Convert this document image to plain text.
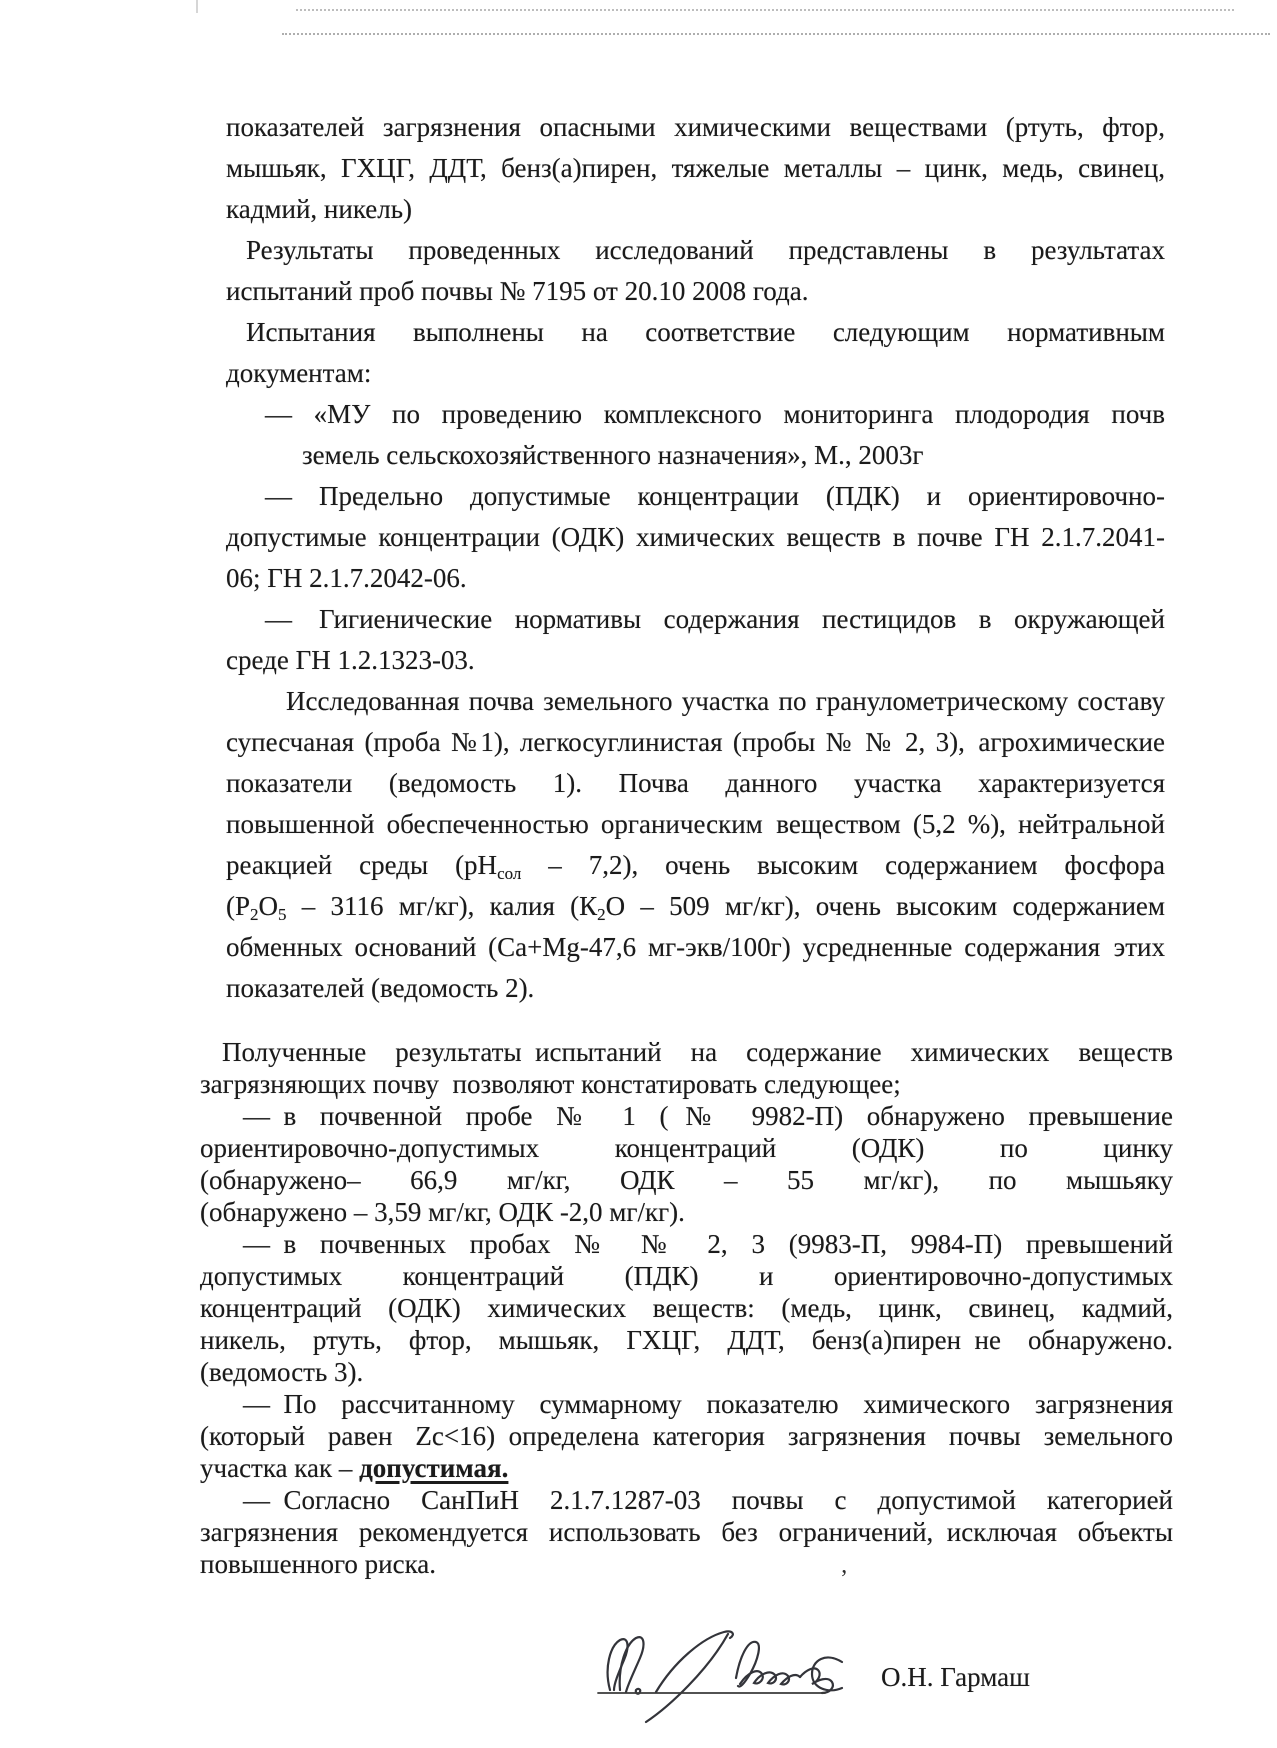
показателей загрязнения опасными химическими веществами (ртуть, фтор,
мышьяк, ГХЦГ, ДДТ, бенз(а)пирен, тяжелые металлы – цинк, медь, свинец,
кадмий, никель)
Результаты проведенных исследований представлены в результатах
испытаний проб почвы № 7195 от 20.10 2008 года.
Испытания выполнены на соответствие следующим нормативным
документам:
— «МУ по проведению комплексного мониторинга плодородия почв
земель сельскохозяйственного назначения», М., 2003г
— Предельно допустимые концентрации (ПДК) и ориентировочно-
допустимые концентрации (ОДК) химических веществ в почве ГН 2.1.7.2041-
06; ГН 2.1.7.2042-06.
— Гигиенические нормативы содержания пестицидов в окружающей
среде ГН 1.2.1323-03.
Исследованная почва земельного участка по гранулометрическому составу
супесчаная (проба №1), легкосуглинистая (пробы № № 2, 3), агрохимические
показатели (ведомость 1). Почва данного участка характеризуется
повышенной обеспеченностью органическим веществом (5,2 %), нейтральной
реакцией среды $(рН_{сол} - 7,2)$, очень высоким содержанием фосфора
($P_2O_5 - 3116$ мг/кг), калия ($К_2О - 509$ мг/кг), очень высоким содержанием
обменных оснований (Ca+Mg-47,6 мг-экв/100г) усредненные содержания этих
показателей (ведомость 2).
Полученные результаты испытаний на содержание химических веществ
загрязняющих почву позволяют констатировать следующее;
— в почвенной пробе № 1 (№ 9982-П) обнаружено превышение
ориентировочно-допустимых концентраций (ОДК) по цинку
(обнаружено– 66,9 мг/кг, ОДК – 55 мг/кг), по мышьяку
(обнаружено – 3,59 мг/кг, ОДК -2,0 мг/кг).
— в почвенных пробах № № 2, 3 (9983-П, 9984-П) превышений
допустимых концентраций (ПДК) и ориентировочно-допустимых
концентраций (ОДК) химических веществ: (медь, цинк, свинец, кадмий,
никель, ртуть, фтор, мышьяк, ГХЦГ, ДДТ, бенз(а)пирен не обнаружено.
(ведомость 3).
— По рассчитанному суммарному показателю химического загрязнения
(который равен Zc<16) определена категория загрязнения почвы земельного
участка как – допустимая.
— Согласно СанПиН 2.1.7.1287-03 почвы с допустимой категорией
загрязнения рекомендуется использовать без ограничений, исключая объекты
повышенного риска.	’
О.Н. Гармаш
